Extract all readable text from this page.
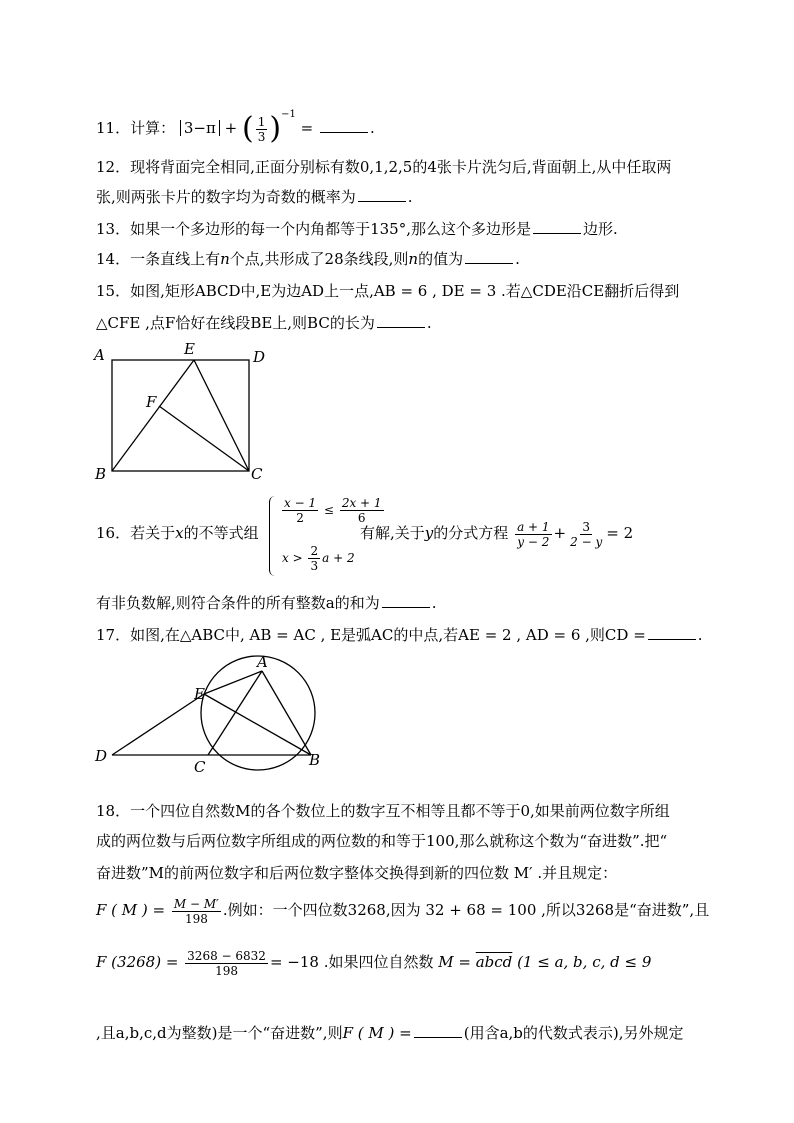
11．计算： 3−π + ( $\frac{1}{3} )^{-1}$ =	.
12．现将背面完全相同,正面分别标有数0,1,2,5的4张卡片洗匀后,背面朝上,从中任取两
张,则两张卡片的数字均为奇数的概率为	.
13．如果一个多边形的每一个内角都等于135°,那么这个多边形是	边形.
14．一条直线上有n个点,共形成了28条线段,则n的值为	.
15．如图,矩形ABCD中,E为边AD上一点,AB = 6 , DE = 3 .若△CDE沿CE翻折后得到
△CFE ,点F恰好在线段BE上,则BC的长为	.
A	E	D
F
B	C
16．若关于x的不等式组
$\frac{x - 1}{2} \le \frac{2x + 1}{6}$
$x > \frac{2}{3}$ a + 2
有解,关于y的分式方程 $\frac{a + 1}{y - 2} + \frac{3}{2 - y} = 2$
有非负数解,则符合条件的所有整数a的和为	.
17．如图,在△ABC中, AB = AC , E是弧AC的中点,若AE = 2 , AD = 6 ,则CD =	.
A
E
D
C	B
18．一个四位自然数M的各个数位上的数字互不相等且都不等于0,如果前两位数字所组
成的两位数与后两位数字所组成的两位数的和等于100,那么就称这个数为“奋进数”.把“
奋进数”M的前两位数字和后两位数字整体交换得到新的四位数 M′ .并且规定：
F ( M ) = $\frac{M - M'}{198}$ .例如：一个四位数3268,因为 32 + 68 = 100 ,所以3268是“奋进数”,且
F $(3268) = \frac{3268 - 6832}{198} = -18$ .如果四位自然数 M = abcd (1 ≤ a, b, c, d ≤ 9
,且a,b,c,d为整数)是一个“奋进数”,则F ( M ) =	(用含a,b的代数式表示),另外规定
